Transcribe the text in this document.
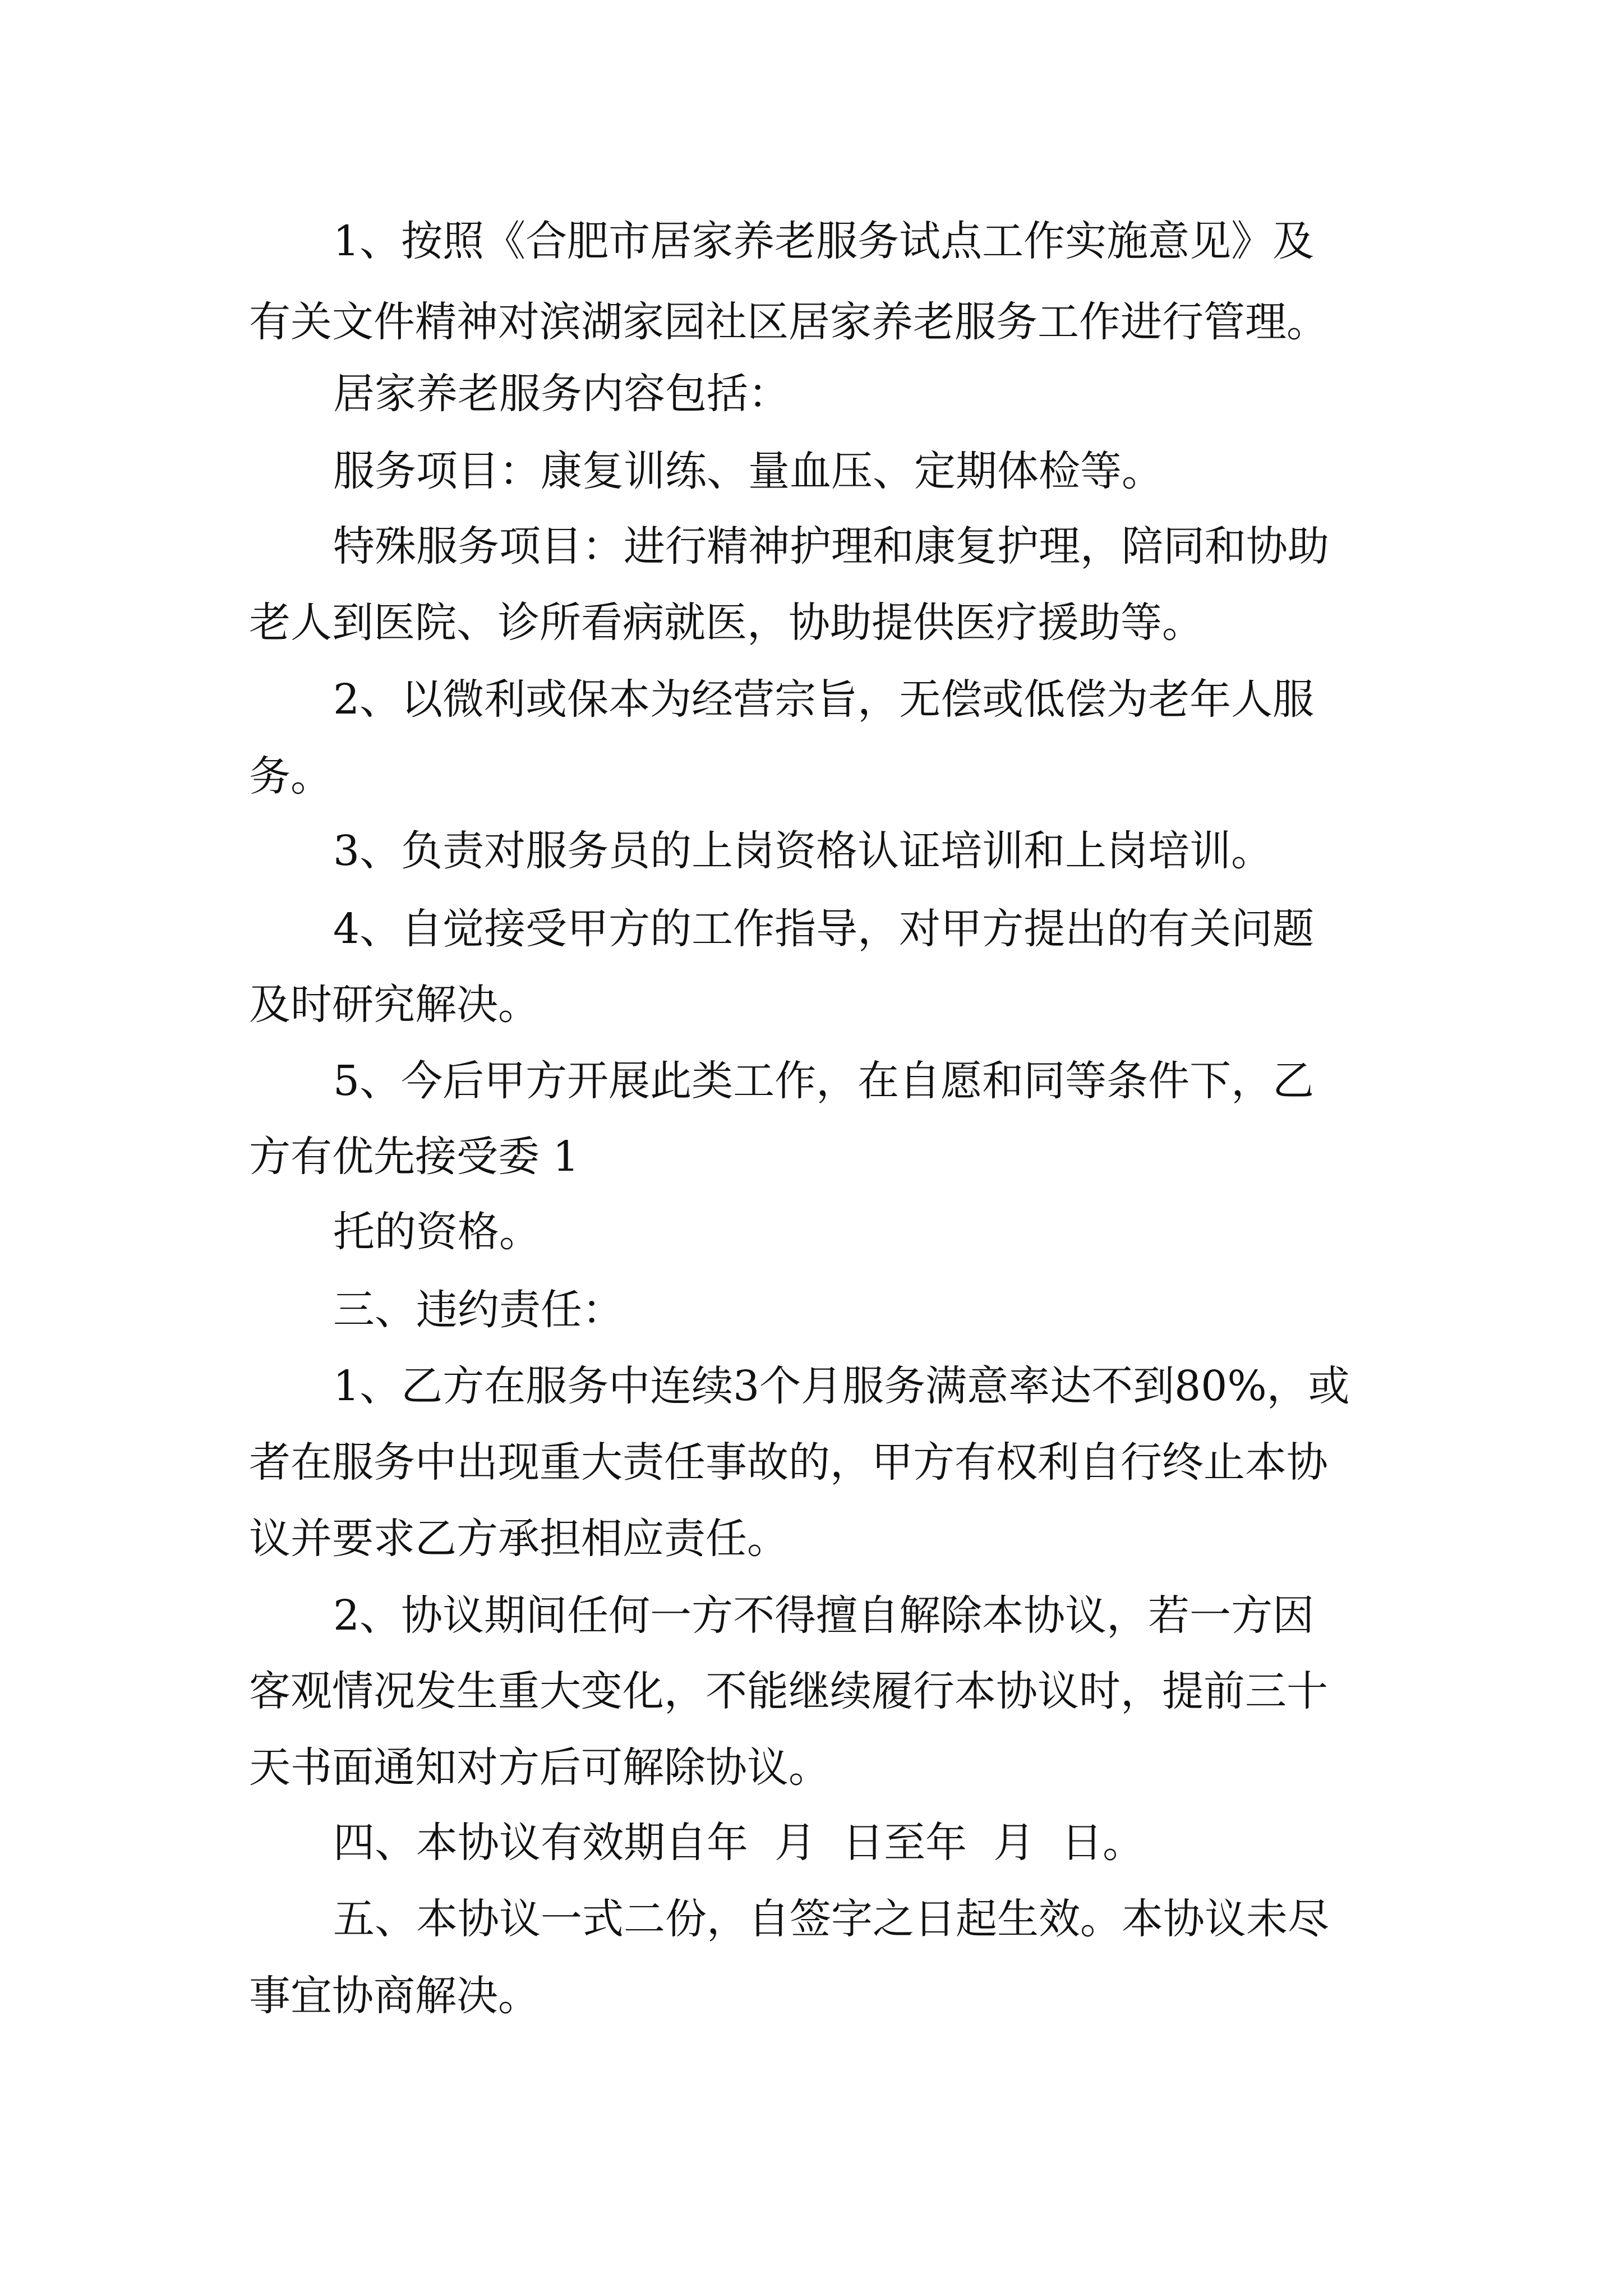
1、按照《合肥市居家养老服务试点工作实施意见》及

有关文件精神对滨湖家园社区居家养老服务工作进行管理。

居家养老服务内容包括：

服务项目：康复训练、量血压、定期体检等。

特殊服务项目：进行精神护理和康复护理，陪同和协助

老人到医院、诊所看病就医，协助提供医疗援助等。

2、以微利或保本为经营宗旨，无偿或低偿为老年人服

务。

3、负责对服务员的上岗资格认证培训和上岗培训。

4、自觉接受甲方的工作指导，对甲方提出的有关问题

及时研究解决。

5、今后甲方开展此类工作，在自愿和同等条件下，乙

方有优先接受委 1

托的资格。

三、违约责任：

1、乙方在服务中连续3个月服务满意率达不到80%，或

者在服务中出现重大责任事故的，甲方有权利自行终止本协

议并要求乙方承担相应责任。

2、协议期间任何一方不得擅自解除本协议，若一方因

客观情况发生重大变化，不能继续履行本协议时，提前三十

天书面通知对方后可解除协议。

四、本协议有效期自年  月  日至年  月  日。

五、本协议一式二份，自签字之日起生效。本协议未尽

事宜协商解决。
